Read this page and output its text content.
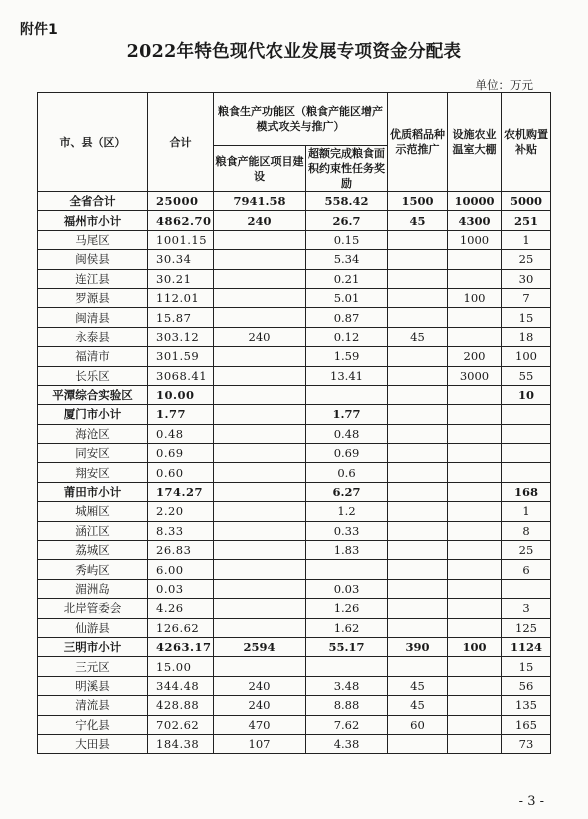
附件1
2022年特色现代农业发展专项资金分配表
单位：万元
市、县（区）	合计	粮食生产功能区（粮食产能区增产模式攻关与推广）		优质稻品种示范推广	设施农业温室大棚	农机购置补贴
		粮食产能区项目建设	超额完成粮食面积约束性任务奖励			
全省合计	25000	7941.58	558.42	1500	10000	5000
福州市小计	4862.70	240	26.7	45	4300	251
马尾区	1001.15		0.15		1000	1
闽侯县	30.34		5.34			25
连江县	30.21		0.21			30
罗源县	112.01		5.01		100	7
闽清县	15.87		0.87			15
永泰县	303.12	240	0.12	45		18
福清市	301.59		1.59		200	100
长乐区	3068.41		13.41		3000	55
平潭综合实验区	10.00					10
厦门市小计	1.77		1.77			
海沧区	0.48		0.48			
同安区	0.69		0.69			
翔安区	0.60		0.6			
莆田市小计	174.27		6.27			168
城厢区	2.20		1.2			1
涵江区	8.33		0.33			8
荔城区	26.83		1.83			25
秀屿区	6.00					6
湄洲岛	0.03		0.03			
北岸管委会	4.26		1.26			3
仙游县	126.62		1.62			125
三明市小计	4263.17	2594	55.17	390	100	1124
三元区	15.00					15
明溪县	344.48	240	3.48	45		56
清流县	428.88	240	8.88	45		135
宁化县	702.62	470	7.62	60		165
大田县	184.38	107	4.38			73
- 3 -
